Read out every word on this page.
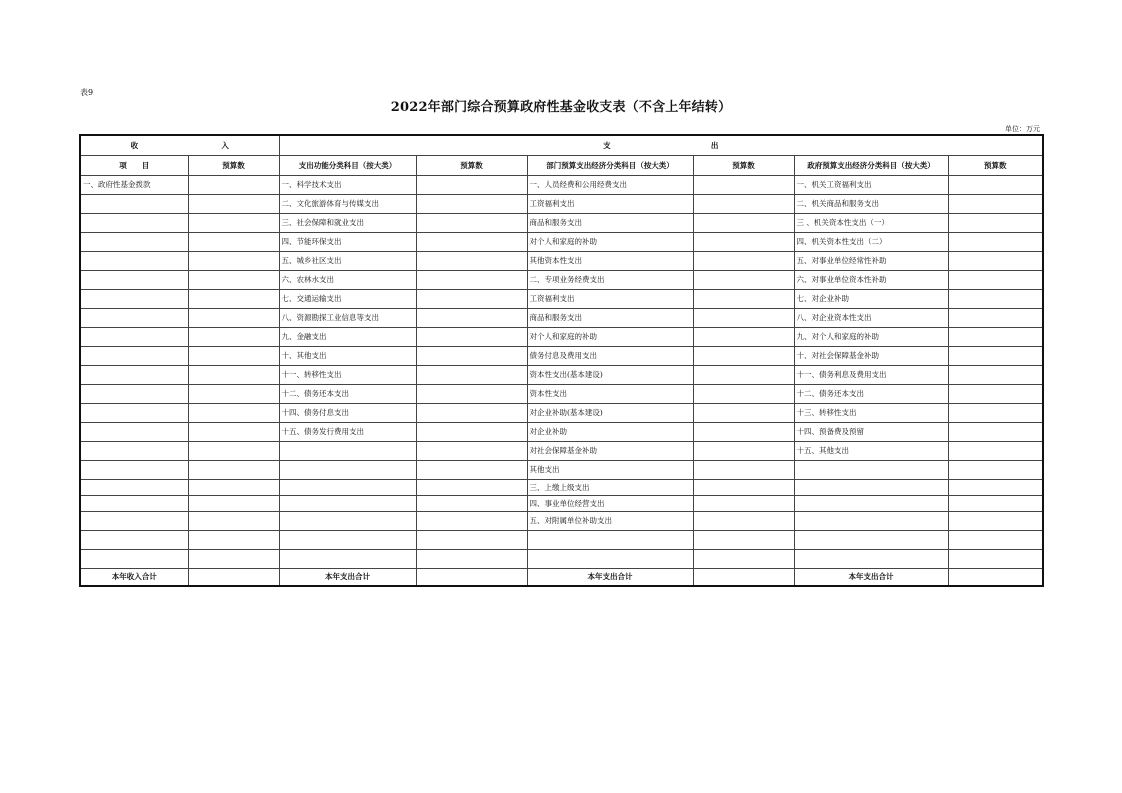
表9
2022年部门综合预算政府性基金收支表（不含上年结转）
单位：万元
收 入		支 出					
项　　目	预算数	支出功能分类科目（按大类）	预算数	部门预算支出经济分类科目（按大类）	预算数	政府预算支出经济分类科目（按大类）	预算数
一、政府性基金拨款		一、科学技术支出		一、人员经费和公用经费支出		一、机关工资福利支出	
		二、文化旅游体育与传媒支出		工资福利支出		二、机关商品和服务支出	
		三、社会保障和就业支出		商品和服务支出		三 、机关资本性支出（一）	
		四、节能环保支出		对个人和家庭的补助		四、机关资本性支出（二）	
		五、城乡社区支出		其他资本性支出		五、对事业单位经常性补助	
		六、农林水支出		二、专项业务经费支出		六、对事业单位资本性补助	
		七、交通运输支出		工资福利支出		七、对企业补助	
		八、资源勘探工业信息等支出		商品和服务支出		八、对企业资本性支出	
		九、金融支出		对个人和家庭的补助		九、对个人和家庭的补助	
		十、其他支出		债务付息及费用支出		十、对社会保障基金补助	
		十一、转移性支出		资本性支出(基本建设)		十一、债务利息及费用支出	
		十二、债务还本支出		资本性支出		十二、债务还本支出	
		十四、债务付息支出		对企业补助(基本建设)		十三、转移性支出	
		十五、债务发行费用支出		对企业补助		十四、预备费及预留	
				对社会保障基金补助		十五、其他支出	
				其他支出			
				三、上缴上级支出			
				四、事业单位经营支出			
				五、对附属单位补助支出			

本年收入合计		本年支出合计		本年支出合计		本年支出合计	
